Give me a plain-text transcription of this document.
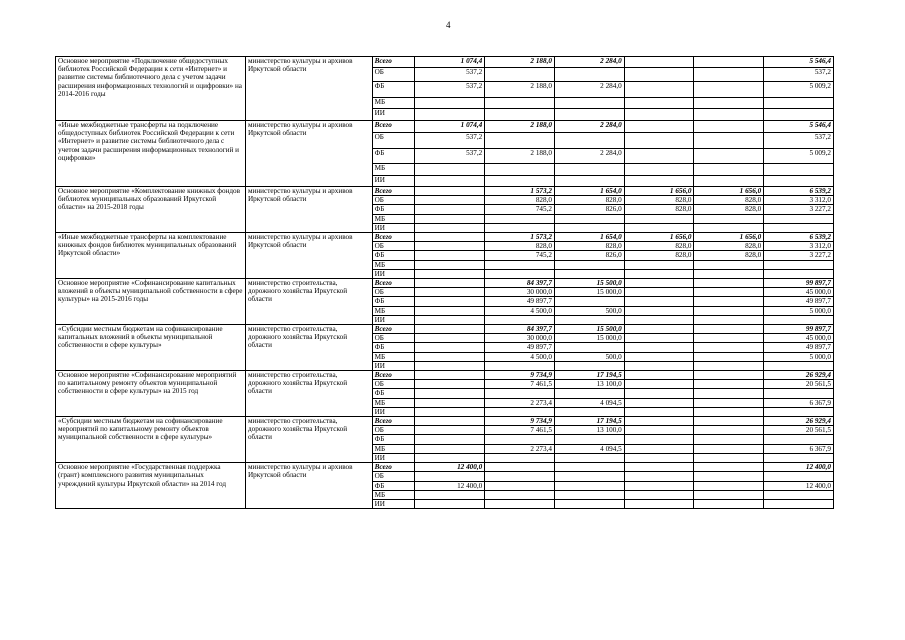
4
Основное мероприятие «Подключение общедоступных библиотек Российской Федерации к сети «Интернет» и развитие системы библиотечного дела с учетом задачи расширения информационных технологий и оцифровки» на 2014-2016 годы	министерство культуры и архивов Иркутской области	Всего	1 074,4	2 188,0	2 284,0			5 546,4
		ОБ	537,2					537,2
		ФБ	537,2	2 188,0	2 284,0			5 009,2
		МБ						
		ИИ						
«Иные межбюджетные трансферты на подключение общедоступных библиотек Российской Федерации к сети «Интернет» и развитие системы библиотечного дела с учетом задачи расширения информационных технологий и оцифровки»	министерство культуры и архивов Иркутской области	Всего	1 074,4	2 188,0	2 284,0			5 546,4
		ОБ	537,2					537,2
		ФБ	537,2	2 188,0	2 284,0			5 009,2
		МБ						
		ИИ						
Основное мероприятие «Комплектование книжных фондов библиотек муниципальных образований Иркутской области» на 2015-2018 годы	министерство культуры и архивов Иркутской области	Всего		1 573,2	1 654,0	1 656,0	1 656,0	6 539,2
		ОБ		828,0	828,0	828,0	828,0	3 312,0
		ФБ		745,2	826,0	828,0	828,0	3 227,2
		МБ						
		ИИ						
«Иные межбюджетные трансферты на комплектование книжных фондов библиотек муниципальных образований Иркутской области»	министерство культуры и архивов Иркутской области	Всего		1 573,2	1 654,0	1 656,0	1 656,0	6 539,2
		ОБ		828,0	828,0	828,0	828,0	3 312,0
		ФБ		745,2	826,0	828,0	828,0	3 227,2
		МБ						
		ИИ						
Основное мероприятие «Софинансирование капитальных вложений в объекты муниципальной собственности в сфере культуры» на 2015-2016 годы	министерство строительства, дорожного хозяйства Иркутской области	Всего		84 397,7	15 500,0			99 897,7
		ОБ		30 000,0	15 000,0			45 000,0
		ФБ		49 897,7				49 897,7
		МБ		4 500,0	500,0			5 000,0
		ИИ						
«Субсидии местным бюджетам на софинансирование капитальных вложений в объекты муниципальной собственности в сфере культуры»	министерство строительства, дорожного хозяйства Иркутской области	Всего		84 397,7	15 500,0			99 897,7
		ОБ		30 000,0	15 000,0			45 000,0
		ФБ		49 897,7				49 897,7
		МБ		4 500,0	500,0			5 000,0
		ИИ						
Основное мероприятие «Софинансирование мероприятий по капитальному ремонту объектов муниципальной собственности в сфере культуры» на 2015 год	министерство строительства, дорожного хозяйства Иркутской области	Всего		9 734,9	17 194,5			26 929,4
		ОБ		7 461,5	13 100,0			20 561,5
		ФБ						
		МБ		2 273,4	4 094,5			6 367,9
		ИИ						
«Субсидии местным бюджетам на софинансирование мероприятий по капитальному ремонту объектов муниципальной собственности в сфере культуры»	министерство строительства, дорожного хозяйства Иркутской области	Всего		9 734,9	17 194,5			26 929,4
		ОБ		7 461,5	13 100,0			20 561,5
		ФБ						
		МБ		2 273,4	4 094,5			6 367,9
		ИИ						
Основное мероприятие «Государственная поддержка (грант) комплексного развития муниципальных учреждений культуры Иркутской области» на 2014 год	министерство культуры и архивов Иркутской области	Всего	12 400,0					12 400,0
		ОБ						
		ФБ	12 400,0					12 400,0
		МБ						
		ИИ						
